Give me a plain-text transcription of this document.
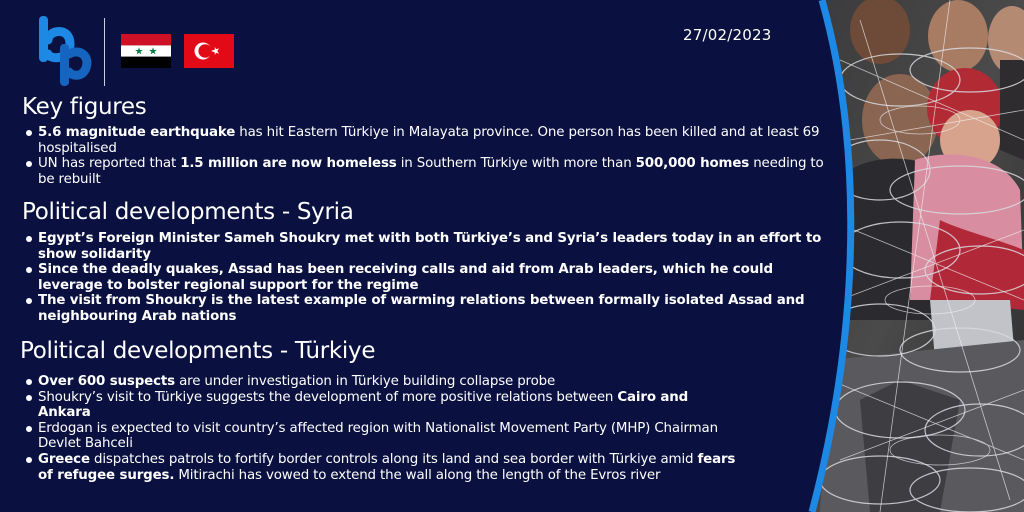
27/02/2023
Key figures
5.6 magnitude earthquake has hit Eastern Türkiye in Malayata province. One person has been killed and at least 69 hospitalised
UN has reported that 1.5 million are now homeless in Southern Türkiye with more than 500,000 homes needing to be rebuilt
Political developments - Syria
Egypt’s Foreign Minister Sameh Shoukry met with both Türkiye’s and Syria’s leaders today in an effort to show solidarity
Since the deadly quakes, Assad has been receiving calls and aid from Arab leaders, which he could leverage to bolster regional support for the regime
The visit from Shoukry is the latest example of warming relations between formally isolated Assad and neighbouring Arab nations
Political developments - Türkiye
Over 600 suspects are under investigation in Türkiye building collapse probe
Shoukry’s visit to Türkiye suggests the development of more positive relations between Cairo and Ankara
Erdogan is expected to visit country’s affected region with Nationalist Movement Party (MHP) Chairman Devlet Bahceli
Greece dispatches patrols to fortify border controls along its land and sea border with Türkiye amid fears of refugee surges. Mitirachi has vowed to extend the wall along the length of the Evros river
